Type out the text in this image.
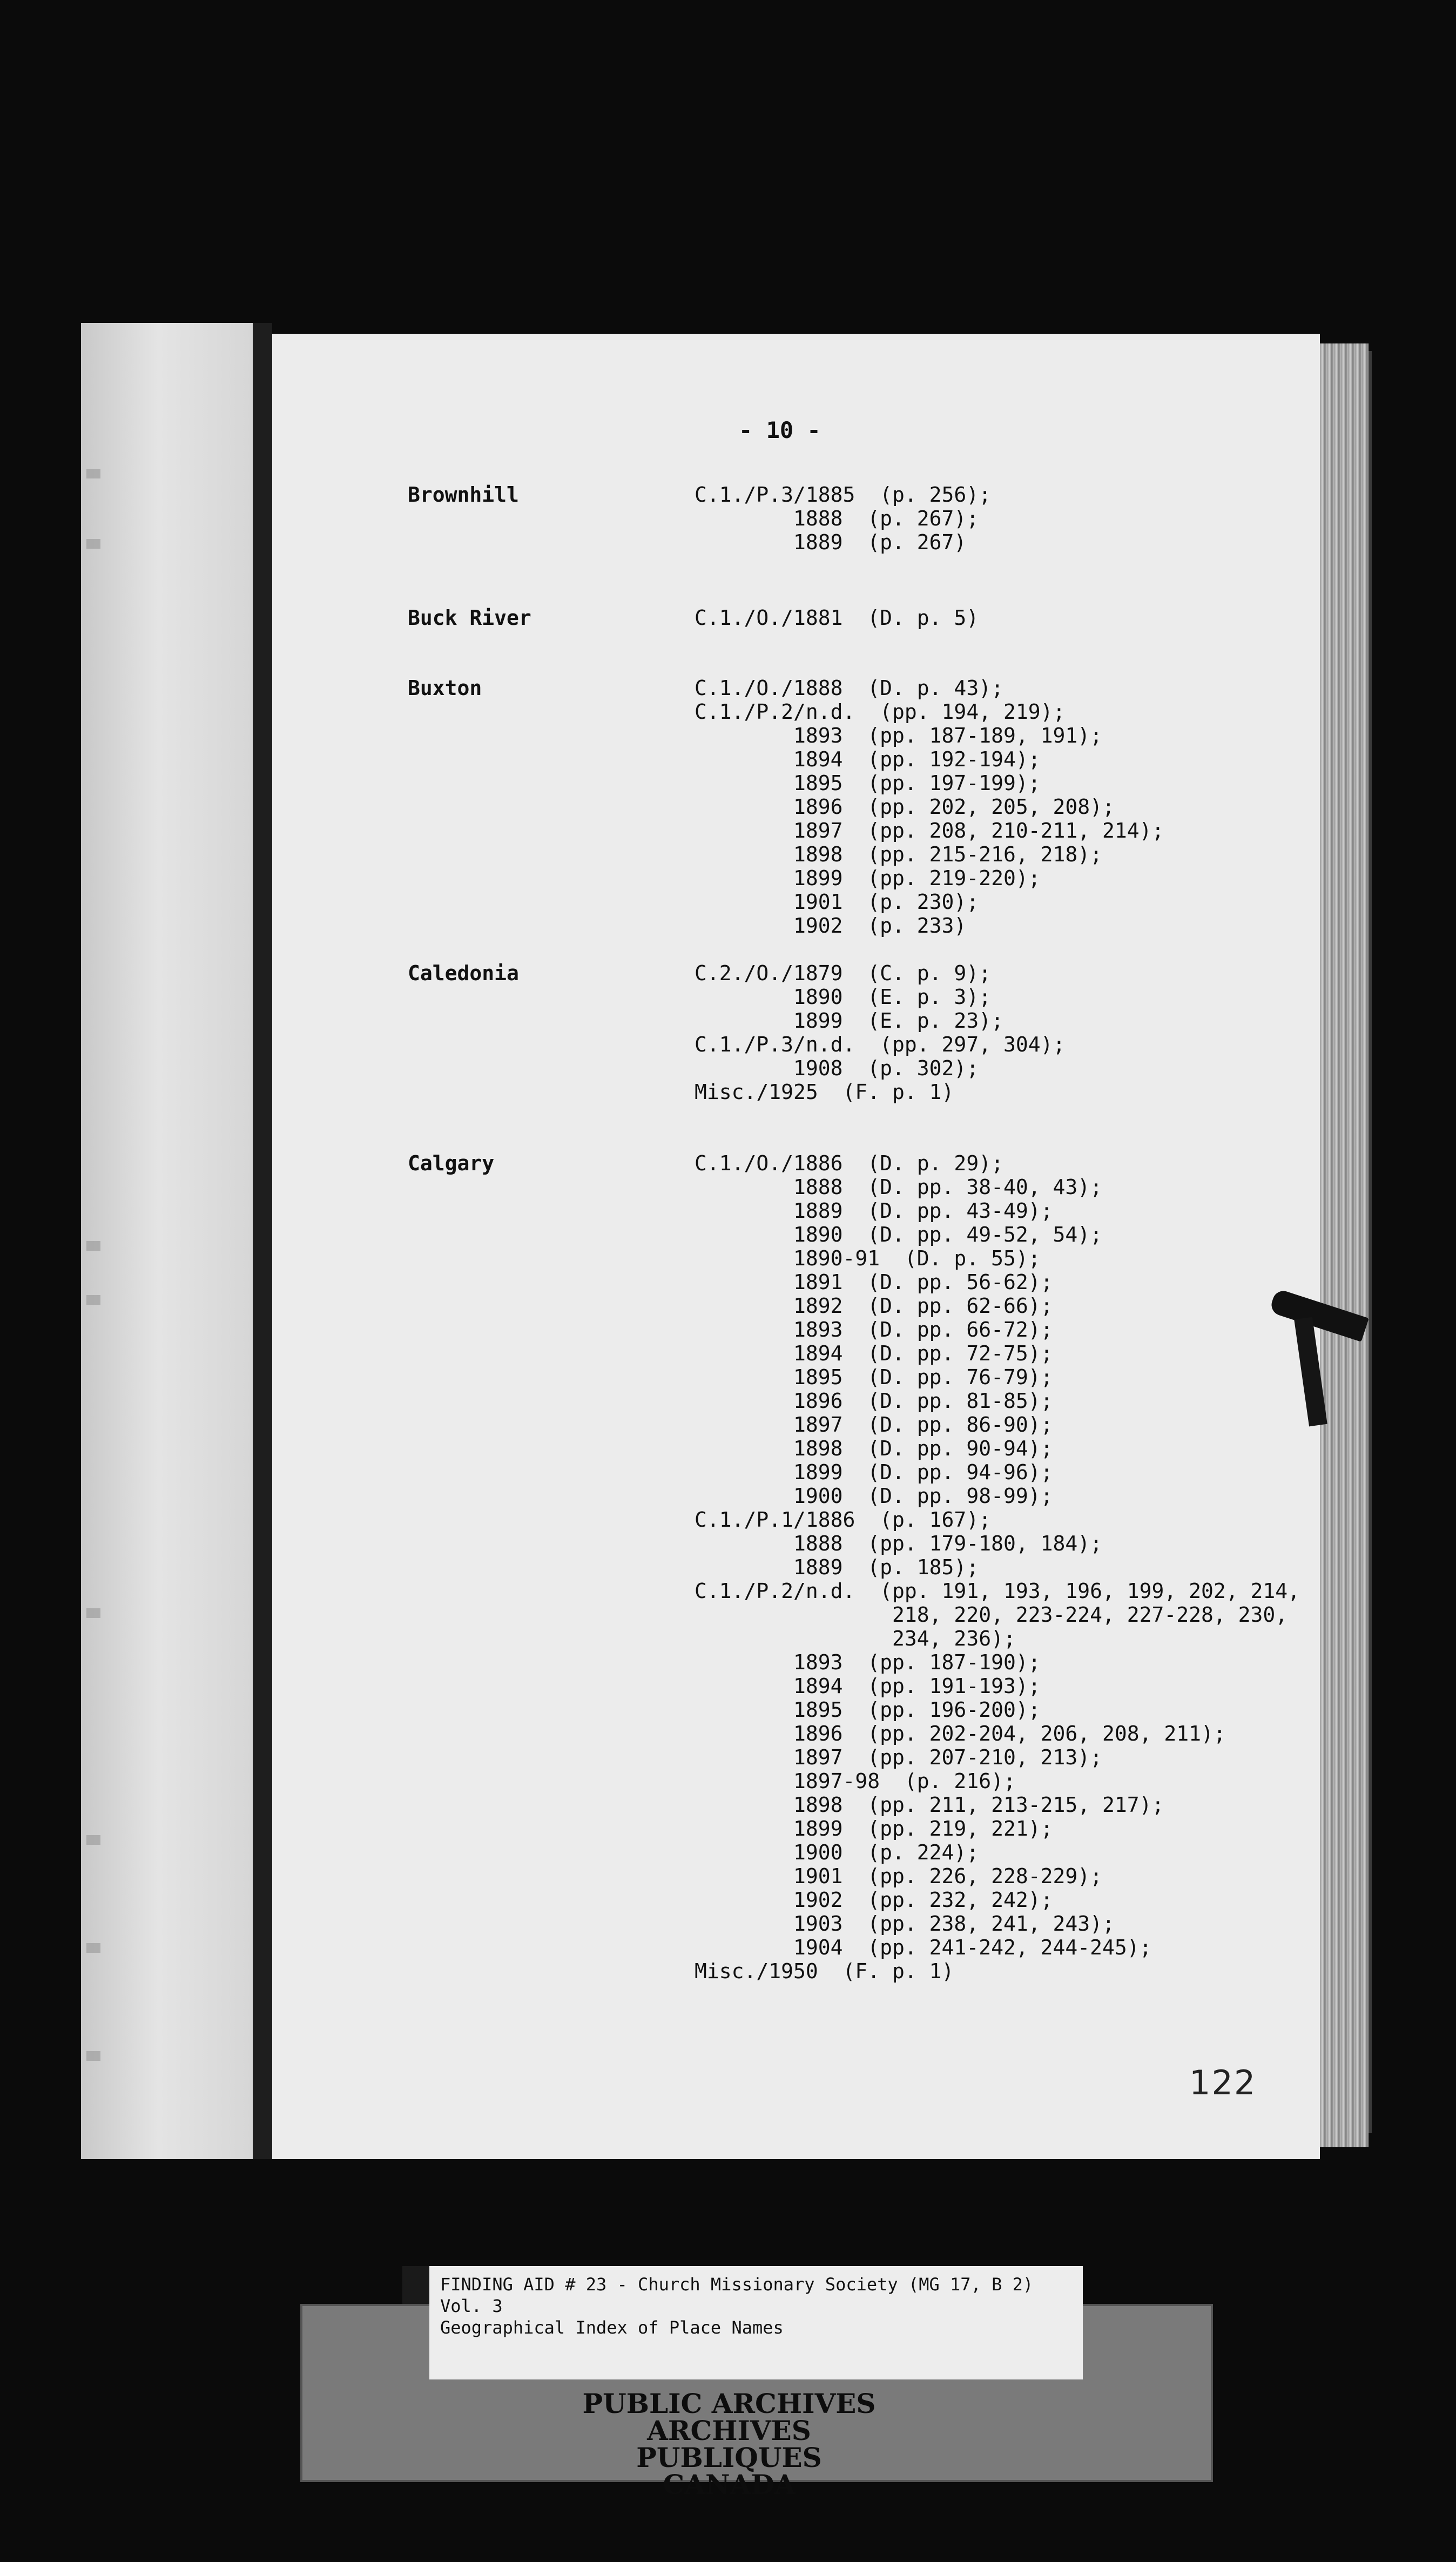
- 10 -
Brownhill	C.1./P.3/1885  (p. 256);
1888  (p. 267);
1889  (p. 267)
Buck River	C.1./O./1881  (D. p. 5)
Buxton	C.1./O./1888  (D. p. 43);
C.1./P.2/n.d.  (pp. 194, 219);
1893  (pp. 187-189, 191);
1894  (pp. 192-194);
1895  (pp. 197-199);
1896  (pp. 202, 205, 208);
1897  (pp. 208, 210-211, 214);
1898  (pp. 215-216, 218);
1899  (pp. 219-220);
1901  (p. 230);
1902  (p. 233)
Caledonia	C.2./O./1879  (C. p. 9);
1890  (E. p. 3);
1899  (E. p. 23);
C.1./P.3/n.d.  (pp. 297, 304);
1908  (p. 302);
Misc./1925  (F. p. 1)
Calgary	C.1./O./1886  (D. p. 29);
1888  (D. pp. 38-40, 43);
1889  (D. pp. 43-49);
1890  (D. pp. 49-52, 54);
1890-91  (D. p. 55);
1891  (D. pp. 56-62);
1892  (D. pp. 62-66);
1893  (D. pp. 66-72);
1894  (D. pp. 72-75);
1895  (D. pp. 76-79);
1896  (D. pp. 81-85);
1897  (D. pp. 86-90);
1898  (D. pp. 90-94);
1899  (D. pp. 94-96);
1900  (D. pp. 98-99);
C.1./P.1/1886  (p. 167);
1888  (pp. 179-180, 184);
1889  (p. 185);
C.1./P.2/n.d.  (pp. 191, 193, 196, 199, 202, 214,
218, 220, 223-224, 227-228, 230,
234, 236);
1893  (pp. 187-190);
1894  (pp. 191-193);
1895  (pp. 196-200);
1896  (pp. 202-204, 206, 208, 211);
1897  (pp. 207-210, 213);
1897-98  (p. 216);
1898  (pp. 211, 213-215, 217);
1899  (pp. 219, 221);
1900  (p. 224);
1901  (pp. 226, 228-229);
1902  (pp. 232, 242);
1903  (pp. 238, 241, 243);
1904  (pp. 241-242, 244-245);
Misc./1950  (F. p. 1)
122
FINDING AID # 23 - Church Missionary Society (MG 17, B 2)
Vol. 3
Geographical Index of Place Names
PUBLIC ARCHIVES
ARCHIVES PUBLIQUES
CANADA
